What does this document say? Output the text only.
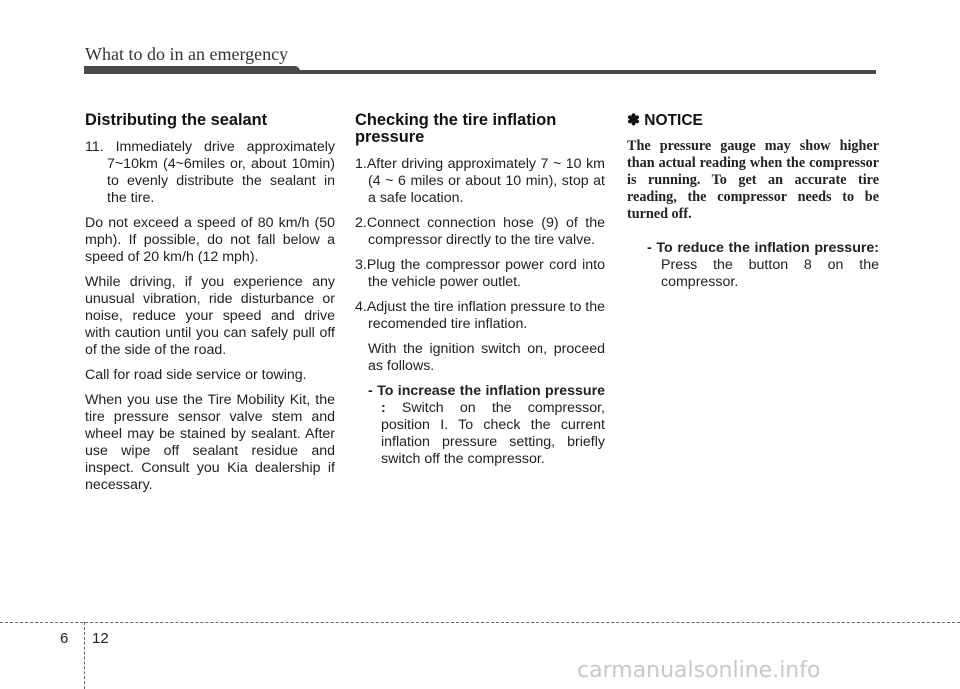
What to do in an emergency
Distributing the sealant

11. Immediately drive approximately 7~10km (4~6miles or, about 10min) to evenly distribute the sealant in the tire.

Do not exceed a speed of 80 km/h (50 mph). If possible, do not fall below a speed of 20 km/h (12 mph).

While driving, if you experience any unusual vibration, ride disturbance or noise, reduce your speed and drive with caution until you can safely pull off of the side of the road.

Call for road side service or towing.

When you use the Tire Mobility Kit, the tire pressure sensor valve stem and wheel may be stained by sealant. After use wipe off sealant residue and inspect. Consult you Kia dealership if necessary.

Checking the tire inflation pressure

1.After driving approximately 7 ~ 10 km (4 ~ 6 miles or about 10 min), stop at a safe location.

2.Connect connection hose (9) of the compressor directly to the tire valve.

3.Plug the compressor power cord into the vehicle power outlet.

4.Adjust the tire inflation pressure to the recomended tire inflation.

With the ignition switch on, proceed as follows.

- To increase the inflation pressure : Switch on the compressor, position I. To check the current inflation pressure setting, briefly switch off the compressor.

✽ NOTICE

The pressure gauge may show higher than actual reading when the compressor is running. To get an accurate tire reading, the compressor needs to be turned off.

- To reduce the inflation pressure: Press the button 8 on the compressor.

6 12
carmanualsonline.info
